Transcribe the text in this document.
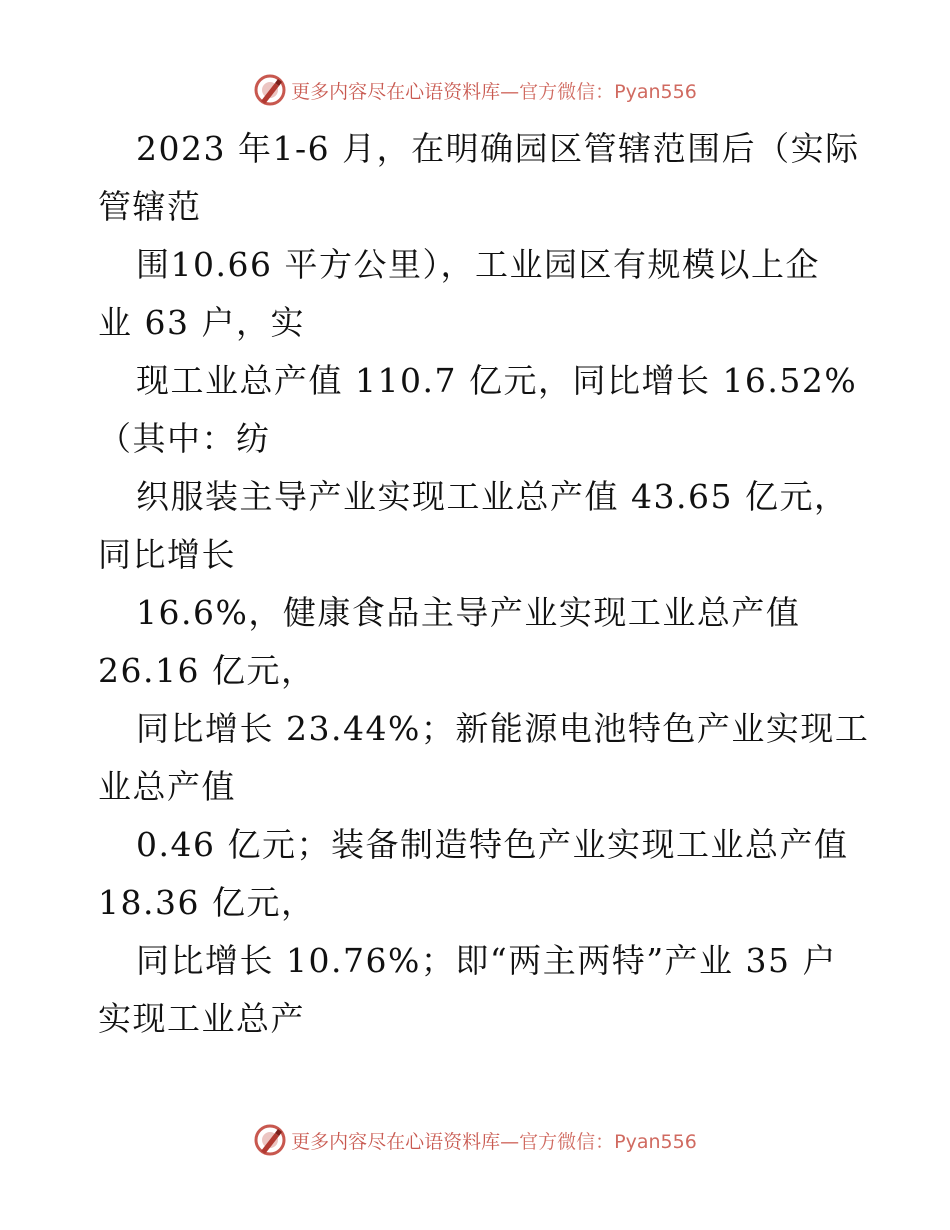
更多内容尽在心语资料库—官方微信：Pyan556
2023 年1-6 月，在明确园区管辖范围后（实际
管辖范
围10.66 平方公里），工业园区有规模以上企
业 63 户，实
现工业总产值 110.7 亿元，同比增长 16.52%
（其中：纺
织服装主导产业实现工业总产值 43.65 亿元，
同比增长
16.6%，健康食品主导产业实现工业总产值
26.16 亿元，
同比增长 23.44%；新能源电池特色产业实现工
业总产值
0.46 亿元；装备制造特色产业实现工业总产值
18.36 亿元，
同比增长 10.76%；即“两主两特”产业 35 户
实现工业总产
更多内容尽在心语资料库—官方微信：Pyan556
